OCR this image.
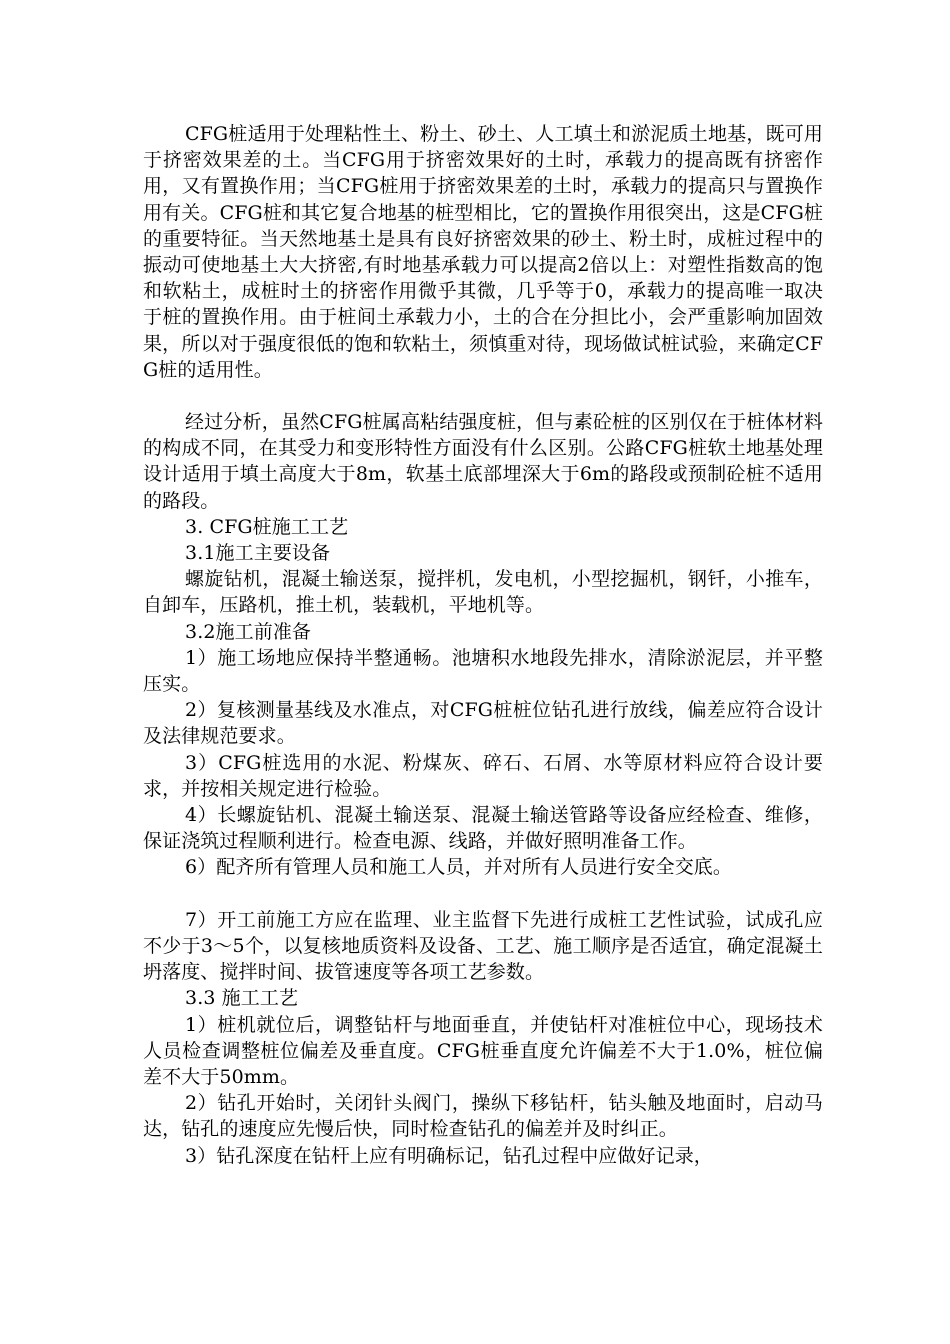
CFG桩适用于处理粘性土、粉土、砂土、人工填土和淤泥质土地基，既可用于挤密效果差的土。当CFG用于挤密效果好的土时，承载力的提高既有挤密作用，又有置换作用；当CFG桩用于挤密效果差的土时，承载力的提高只与置换作用有关。CFG桩和其它复合地基的桩型相比，它的置换作用很突出，这是CFG桩的重要特征。当天然地基土是具有良好挤密效果的砂土、粉土时，成桩过程中的振动可使地基土大大挤密,有时地基承载力可以提高2倍以上：对塑性指数高的饱和软粘土，成桩时土的挤密作用微乎其微，几乎等于0，承载力的提高唯一取决于桩的置换作用。由于桩间土承载力小，土的合在分担比小，会严重影响加固效果，所以对于强度很低的饱和软粘土，须慎重对待，现场做试桩试验，来确定CFG桩的适用性。

经过分析，虽然CFG桩属高粘结强度桩，但与素砼桩的区别仅在于桩体材料的构成不同，在其受力和变形特性方面没有什么区别。公路CFG桩软土地基处理设计适用于填土高度大于8m，软基土底部埋深大于6m的路段或预制砼桩不适用的路段。

3. CFG桩施工工艺

3.1施工主要设备

螺旋钻机，混凝土输送泵，搅拌机，发电机，小型挖掘机，钢钎，小推车，自卸车，压路机，推土机，装载机，平地机等。

3.2施工前准备

1）施工场地应保持半整通畅。池塘积水地段先排水，清除淤泥层，并平整压实。

2）复核测量基线及水准点，对CFG桩桩位钻孔进行放线，偏差应符合设计及法律规范要求。

3）CFG桩选用的水泥、粉煤灰、碎石、石屑、水等原材料应符合设计要求，并按相关规定进行检验。

4）长螺旋钻机、混凝土输送泵、混凝土输送管路等设备应经检查、维修，保证浇筑过程顺利进行。检查电源、线路，并做好照明准备工作。

6）配齐所有管理人员和施工人员，并对所有人员进行安全交底。

7）开工前施工方应在监理、业主监督下先进行成桩工艺性试验，试成孔应不少于3～5个，以复核地质资料及设备、工艺、施工顺序是否适宜，确定混凝土坍落度、搅拌时间、拔管速度等各项工艺参数。

3.3 施工工艺

1）桩机就位后，调整钻杆与地面垂直，并使钻杆对准桩位中心，现场技术人员检查调整桩位偏差及垂直度。CFG桩垂直度允许偏差不大于1.0%，桩位偏差不大于50mm。

2）钻孔开始时，关闭针头阀门，操纵下移钻杆，钻头触及地面时，启动马达，钻孔的速度应先慢后快，同时检查钻孔的偏差并及时纠正。

3）钻孔深度在钻杆上应有明确标记，钻孔过程中应做好记录，
